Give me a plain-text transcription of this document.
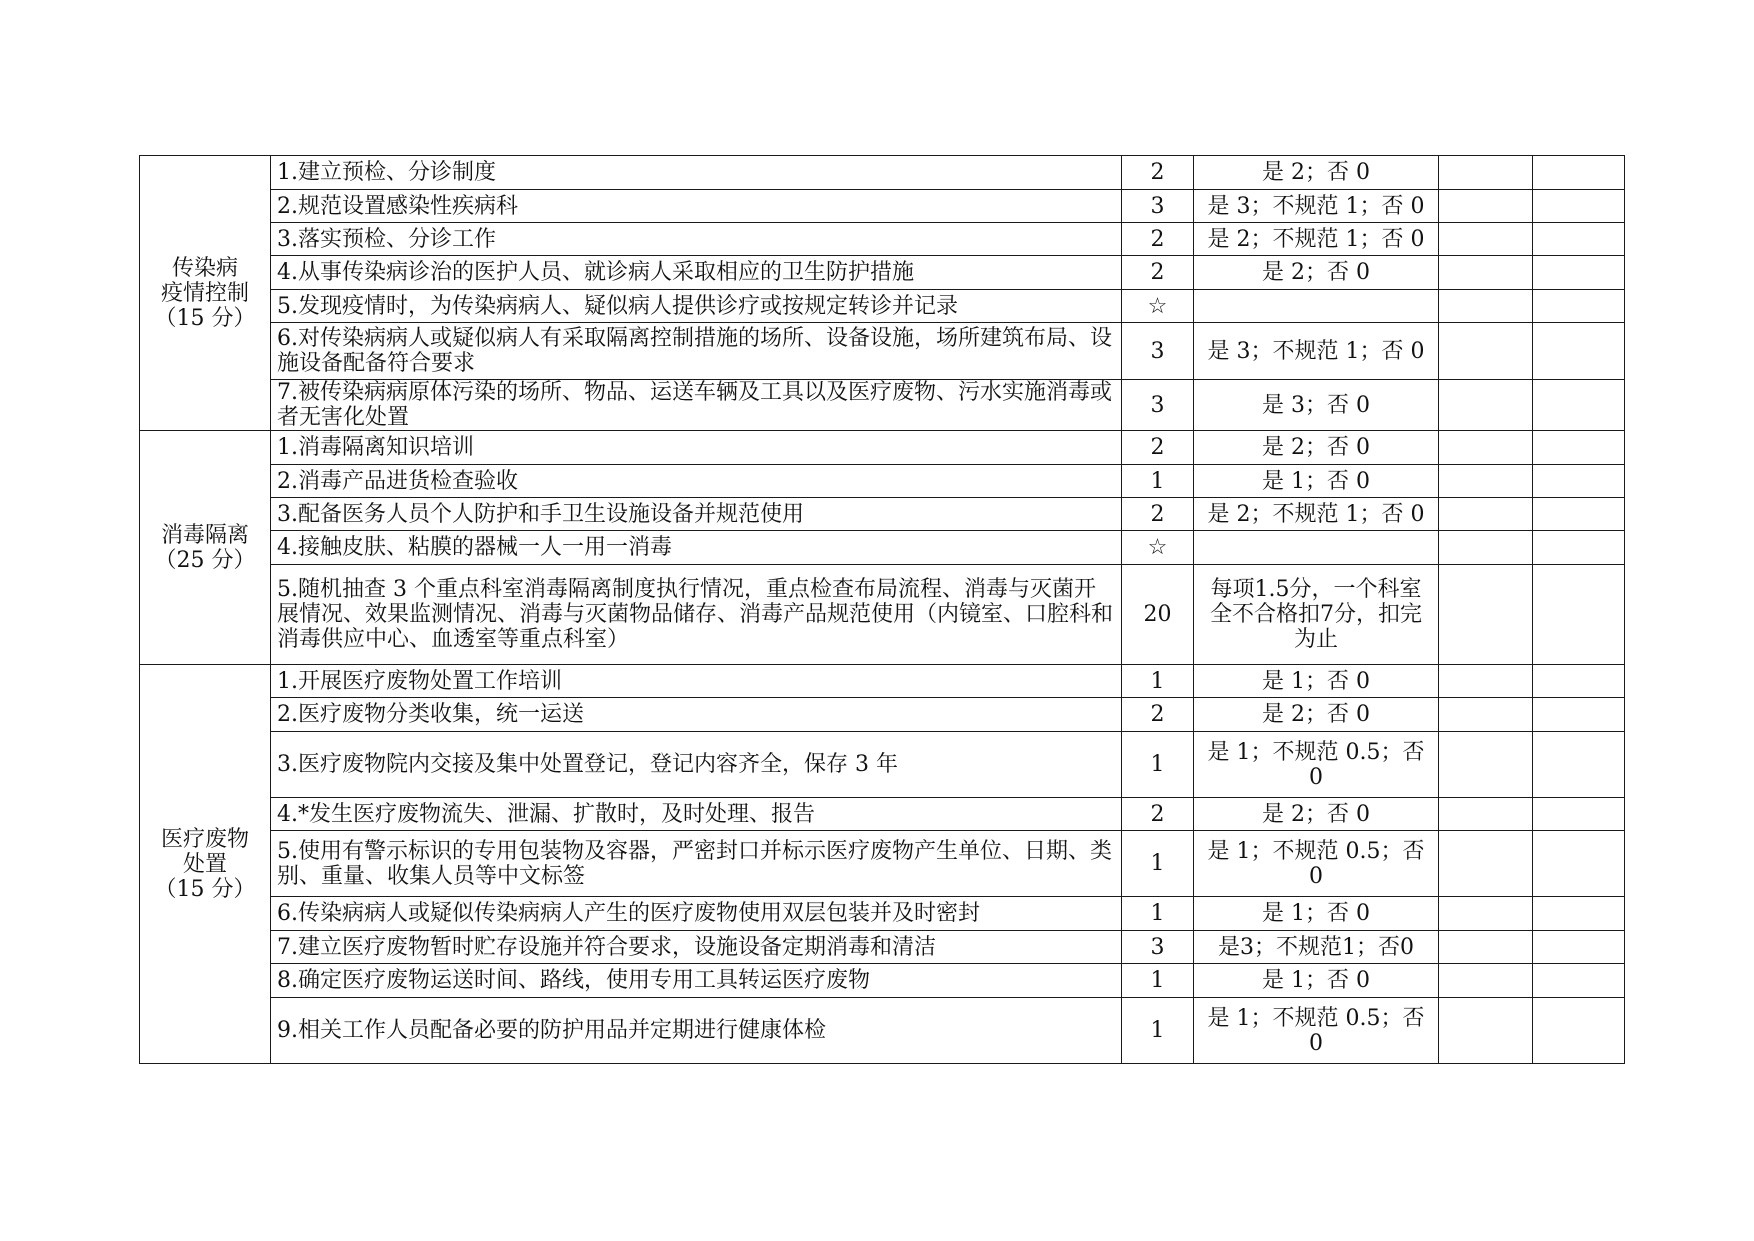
传染病
疫情控制
（15 分）	1.建立预检、分诊制度	2	是 2；否 0		
	2.规范设置感染性疾病科	3	是 3；不规范 1；否 0		
	3.落实预检、分诊工作	2	是 2；不规范 1；否 0		
	4.从事传染病诊治的医护人员、就诊病人采取相应的卫生防护措施	2	是 2；否 0		
	5.发现疫情时，为传染病病人、疑似病人提供诊疗或按规定转诊并记录	☆			
	6.对传染病病人或疑似病人有采取隔离控制措施的场所、设备设施，场所建筑布局、设施设备配备符合要求	3	是 3；不规范 1；否 0		
	7.被传染病病原体污染的场所、物品、运送车辆及工具以及医疗废物、污水实施消毒或者无害化处置	3	是 3；否 0		

消毒隔离
（25 分）	1.消毒隔离知识培训	2	是 2；否 0		
	2.消毒产品进货检查验收	1	是 1；否 0		
	3.配备医务人员个人防护和手卫生设施设备并规范使用	2	是 2；不规范 1；否 0		
	4.接触皮肤、粘膜的器械一人一用一消毒	☆			
	5.随机抽查 3 个重点科室消毒隔离制度执行情况，重点检查布局流程、消毒与灭菌开展情况、效果监测情况、消毒与灭菌物品储存、消毒产品规范使用（内镜室、口腔科和消毒供应中心、血透室等重点科室）	20	每项1.5分，一个科室全不合格扣7分，扣完为止		

医疗废物
处置
（15 分）	1.开展医疗废物处置工作培训	1	是 1；否 0		
	2.医疗废物分类收集，统一运送	2	是 2；否 0		
	3.医疗废物院内交接及集中处置登记，登记内容齐全，保存 3 年	1	是 1；不规范 0.5；否 0		
	4.*发生医疗废物流失、泄漏、扩散时，及时处理、报告	2	是 2；否 0		
	5.使用有警示标识的专用包装物及容器，严密封口并标示医疗废物产生单位、日期、类别、重量、收集人员等中文标签	1	是 1；不规范 0.5；否 0		
	6.传染病病人或疑似传染病病人产生的医疗废物使用双层包装并及时密封	1	是 1；否 0		
	7.建立医疗废物暂时贮存设施并符合要求，设施设备定期消毒和清洁	3	是3；不规范1；否0		
	8.确定医疗废物运送时间、路线，使用专用工具转运医疗废物	1	是 1；否 0		
	9.相关工作人员配备必要的防护用品并定期进行健康体检	1	是 1；不规范 0.5；否 0		
